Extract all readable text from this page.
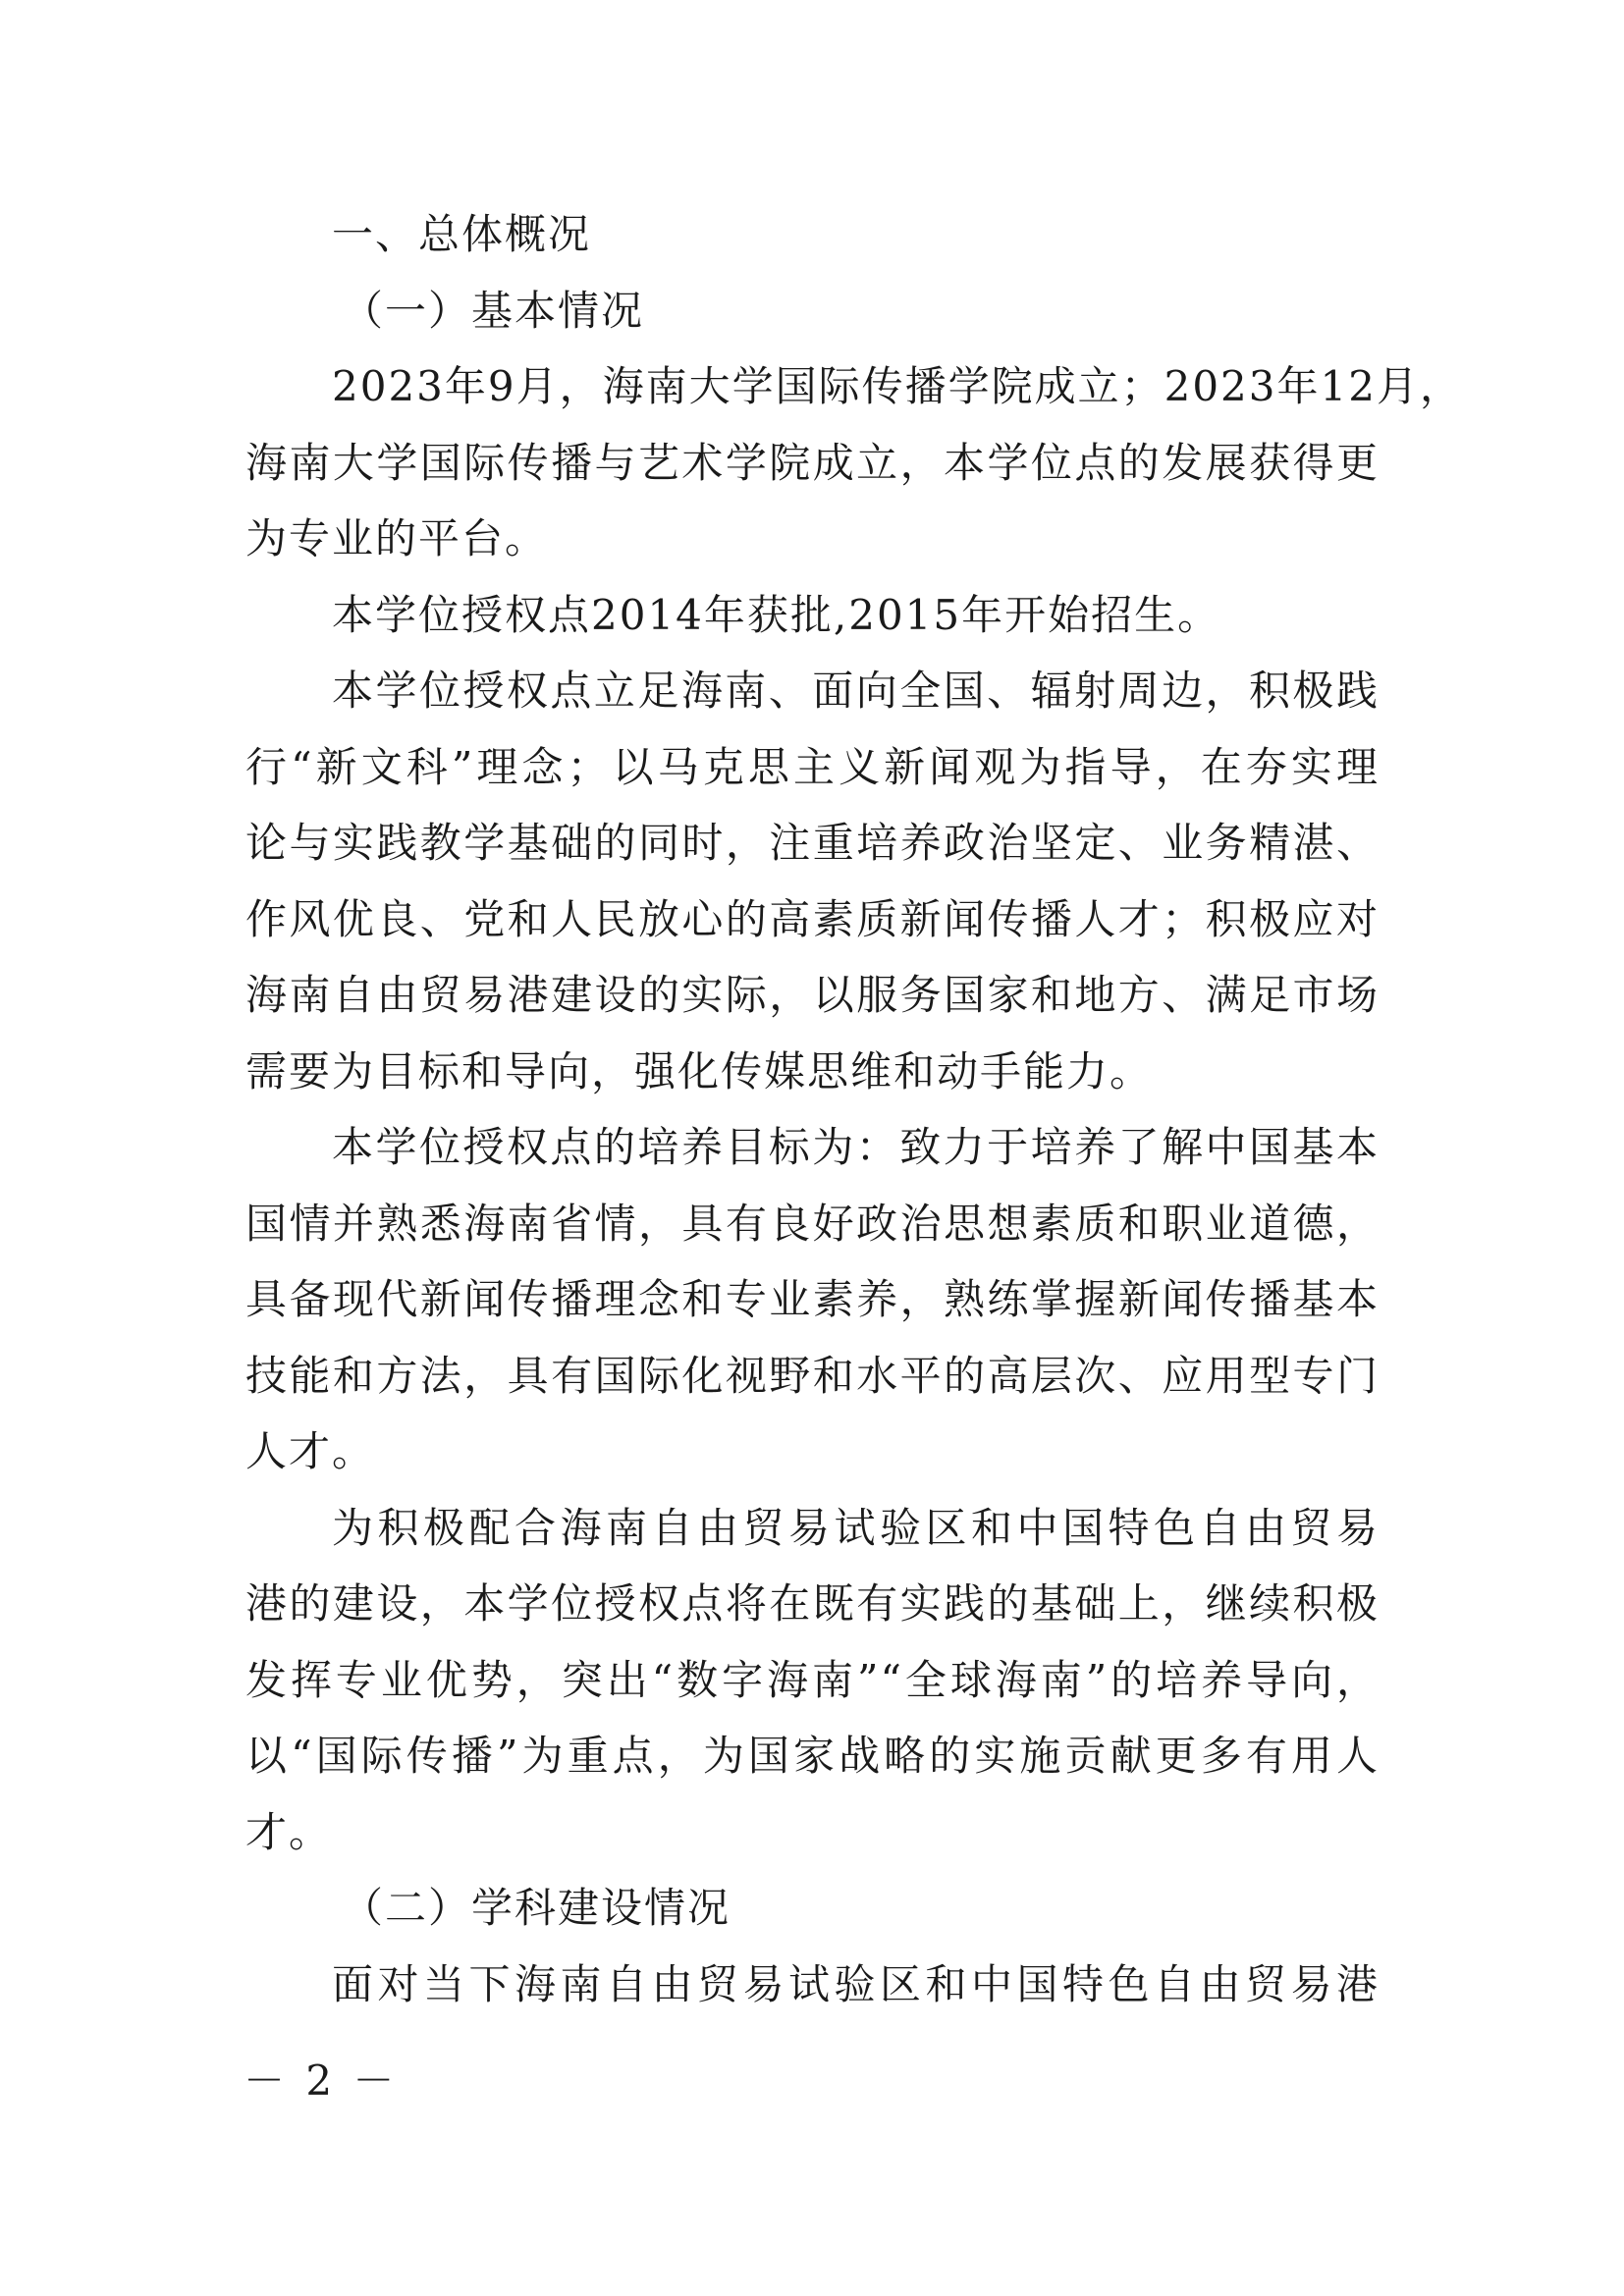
一、总体概况
（一）基本情况
2023年9月，海南大学国际传播学院成立；2023年12月，
海南大学国际传播与艺术学院成立，本学位点的发展获得更
为专业的平台。
本学位授权点2014年获批,2015年开始招生。
本学位授权点立足海南、面向全国、辐射周边，积极践
行“新文科”理念；以马克思主义新闻观为指导，在夯实理
论与实践教学基础的同时，注重培养政治坚定、业务精湛、
作风优良、党和人民放心的高素质新闻传播人才；积极应对
海南自由贸易港建设的实际，以服务国家和地方、满足市场
需要为目标和导向，强化传媒思维和动手能力。
本学位授权点的培养目标为：致力于培养了解中国基本
国情并熟悉海南省情，具有良好政治思想素质和职业道德，
具备现代新闻传播理念和专业素养，熟练掌握新闻传播基本
技能和方法，具有国际化视野和水平的高层次、应用型专门
人才。
为积极配合海南自由贸易试验区和中国特色自由贸易
港的建设，本学位授权点将在既有实践的基础上，继续积极
发挥专业优势，突出“数字海南”“全球海南”的培养导向，
以“国际传播”为重点，为国家战略的实施贡献更多有用人
才。
（二）学科建设情况
面对当下海南自由贸易试验区和中国特色自由贸易港
－ 2 －
